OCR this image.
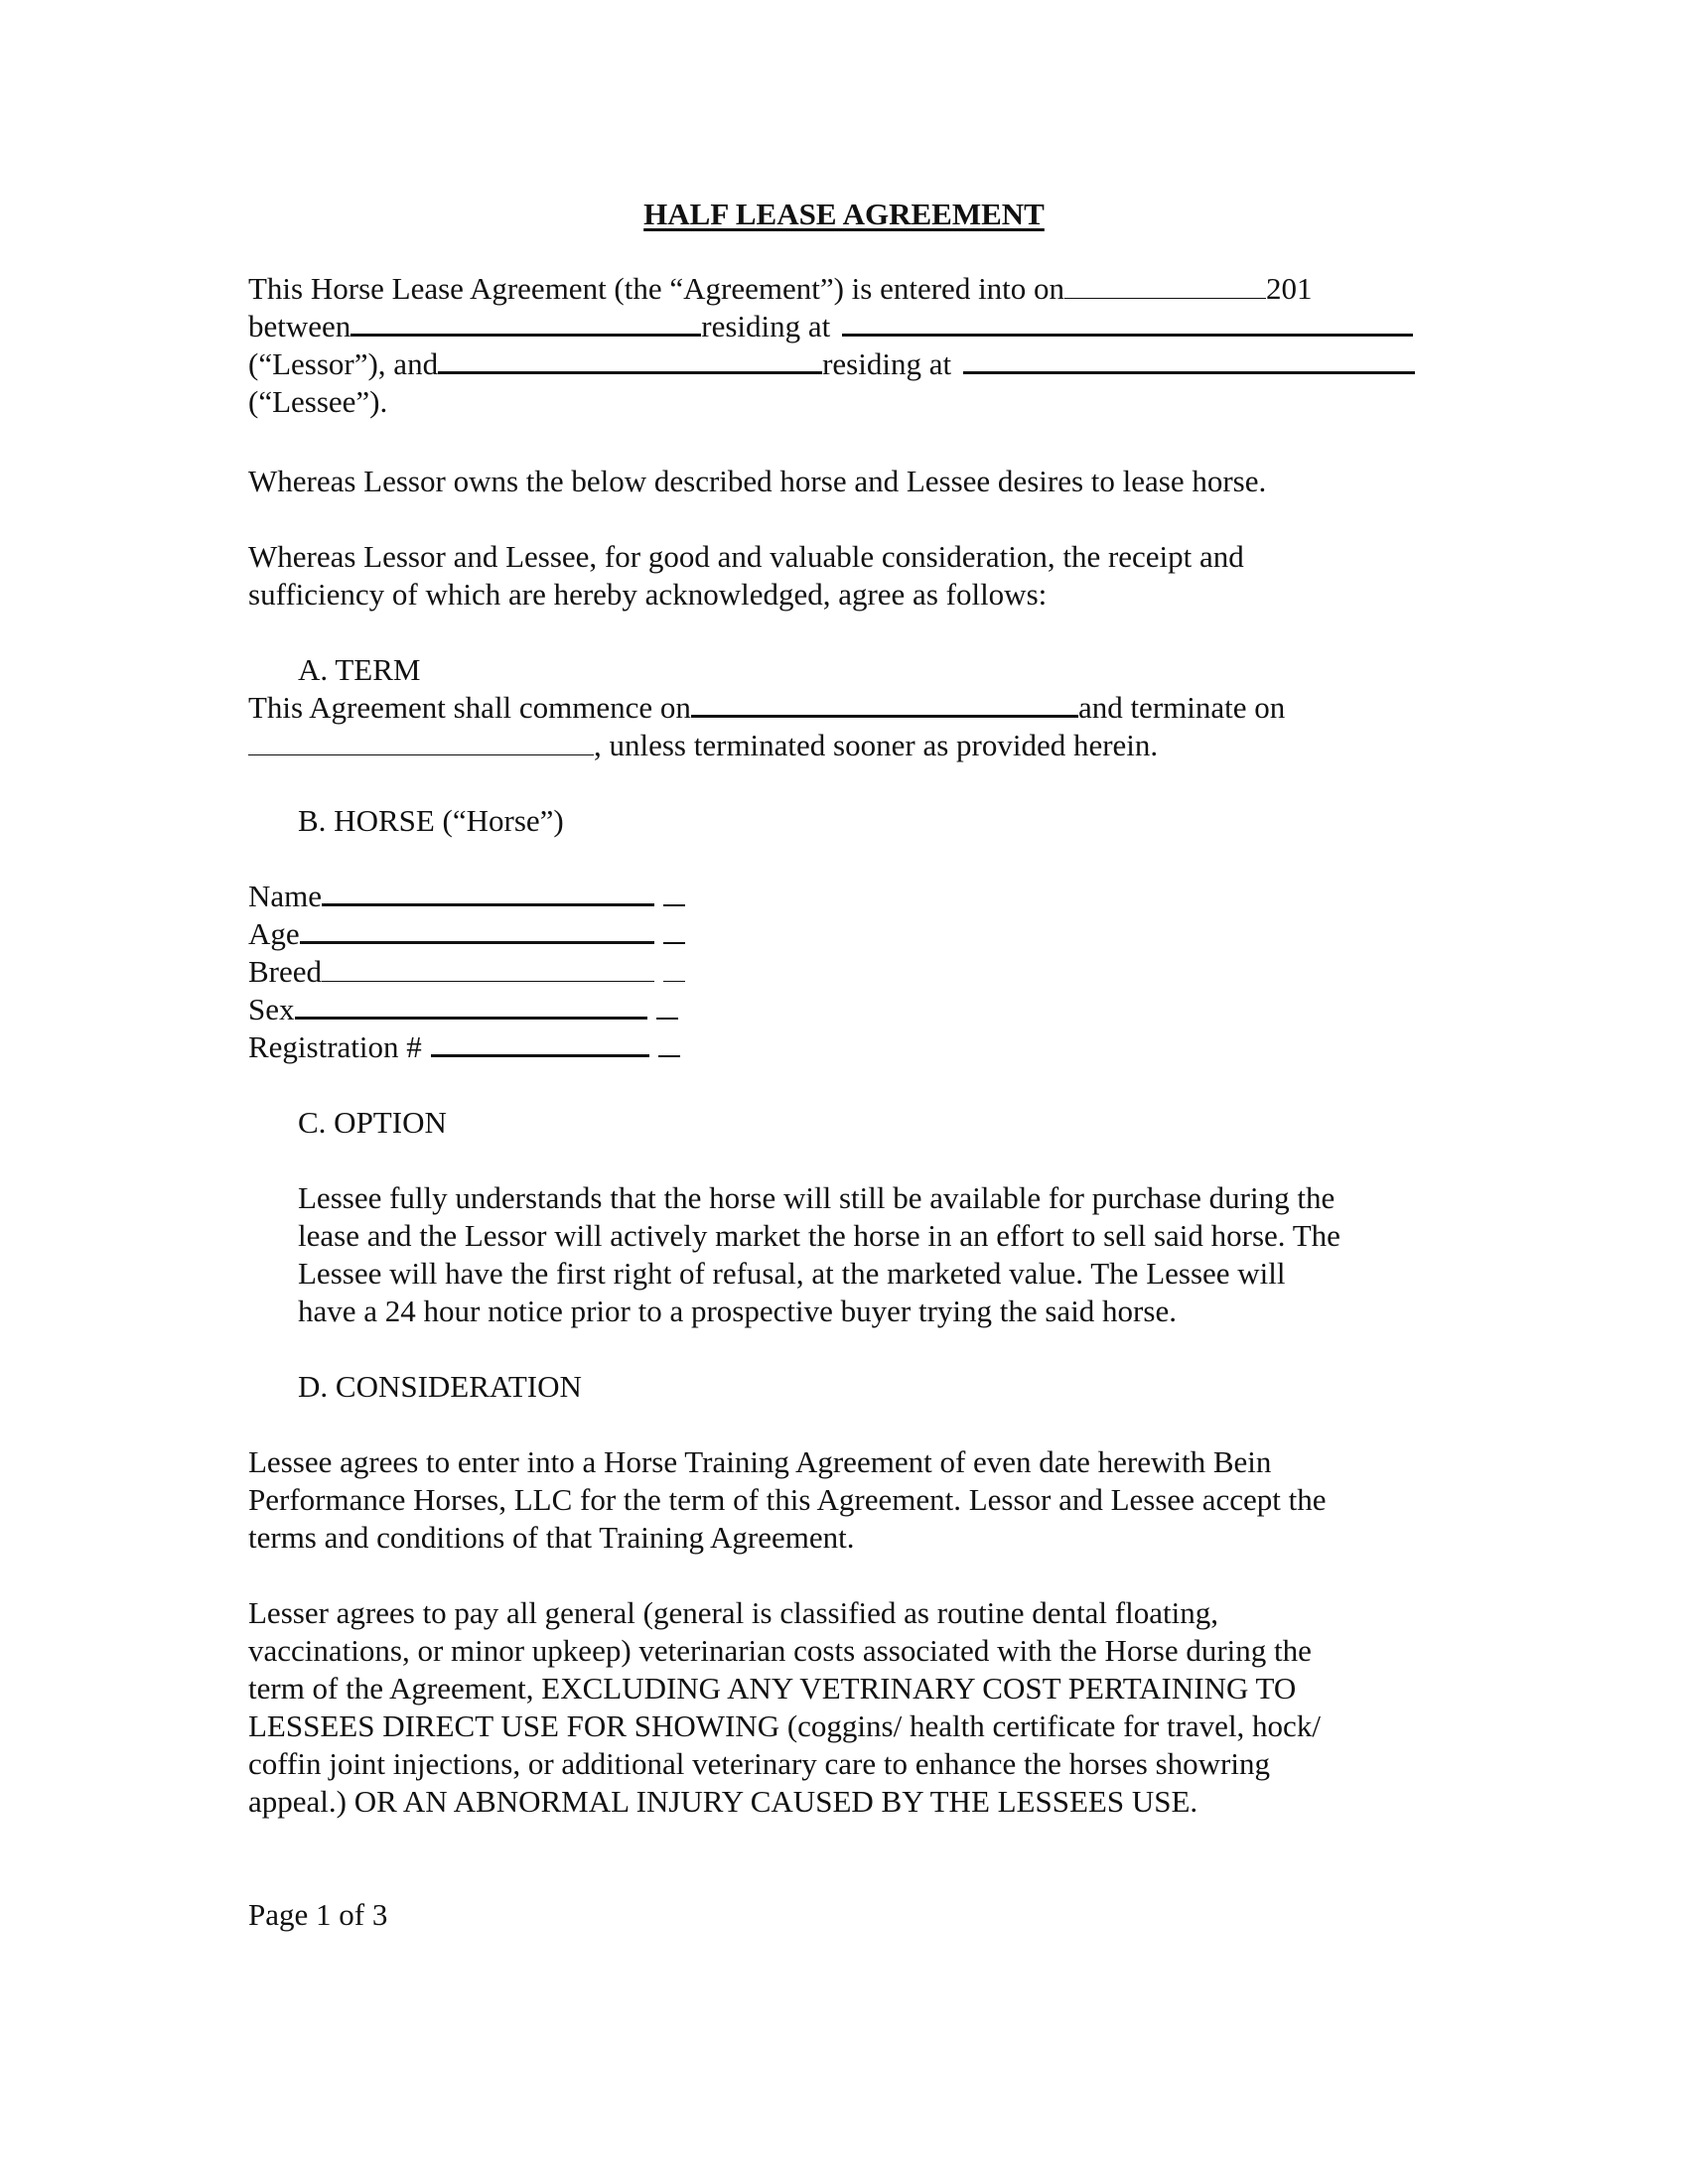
HALF LEASE AGREEMENT
This Horse Lease Agreement (the “Agreement”) is entered into on	201
between	residing at
(“Lessor”), and	residing at
(“Lessee”).
Whereas Lessor owns the below described horse and Lessee desires to lease horse.
Whereas Lessor and Lessee, for good and valuable consideration, the receipt and
sufficiency of which are hereby acknowledged, agree as follows:
A. TERM
This Agreement shall commence on	and terminate on
, unless terminated sooner as provided herein.
B. HORSE (“Horse”)
Name
Age
Breed
Sex
Registration #
C. OPTION
Lessee fully understands that the horse will still be available for purchase during the
lease and the Lessor will actively market the horse in an effort to sell said horse. The
Lessee will have the first right of refusal, at the marketed value. The Lessee will
have a 24 hour notice prior to a prospective buyer trying the said horse.
D. CONSIDERATION
Lessee agrees to enter into a Horse Training Agreement of even date herewith Bein
Performance Horses, LLC for the term of this Agreement. Lessor and Lessee accept the
terms and conditions of that Training Agreement.
Lesser agrees to pay all general (general is classified as routine dental floating,
vaccinations, or minor upkeep) veterinarian costs associated with the Horse during the
term of the Agreement, EXCLUDING ANY VETRINARY COST PERTAINING TO
LESSEES DIRECT USE FOR SHOWING (coggins/ health certificate for travel, hock/
coffin joint injections, or additional veterinary care to enhance the horses showring
appeal.) OR AN ABNORMAL INJURY CAUSED BY THE LESSEES USE.
Page 1 of 3
